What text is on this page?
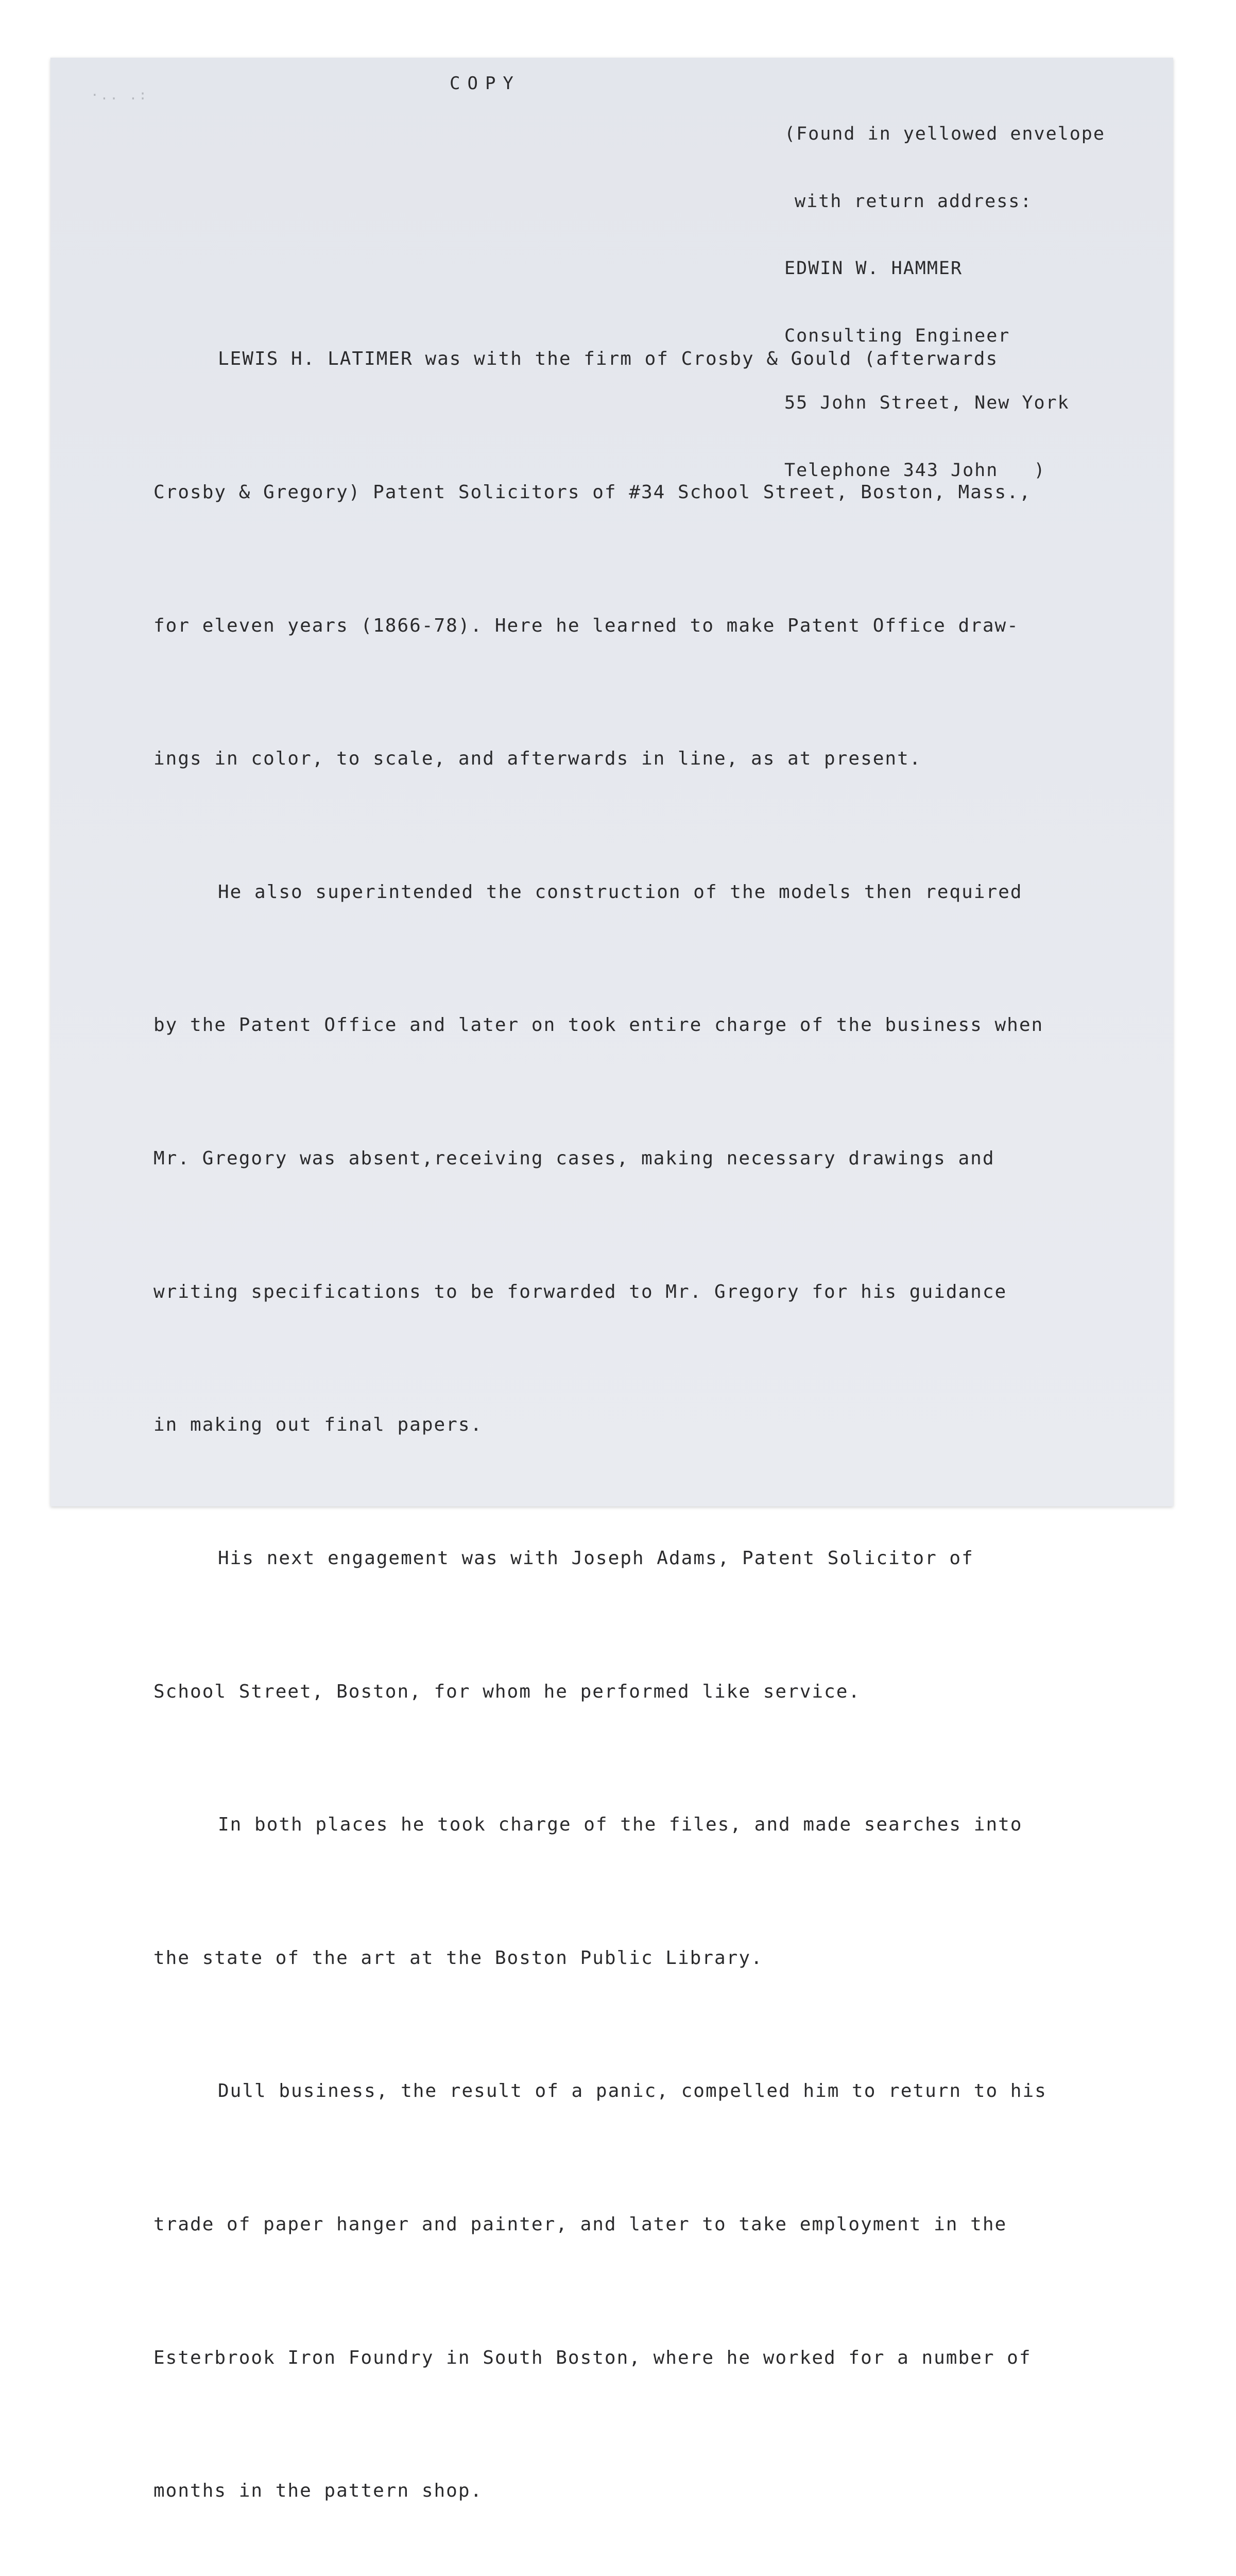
·.. .:
COPY

(Found in yellowed envelope

with return address:

EDWIN W. HAMMER

Consulting Engineer

55 John Street, New York

Telephone 343 John   )

LEWIS H. LATIMER was with the firm of Crosby & Gould (afterwards

Crosby & Gregory) Patent Solicitors of #34 School Street, Boston, Mass.,

for eleven years (1866-78). Here he learned to make Patent Office draw-

ings in color, to scale, and afterwards in line, as at present.

He also superintended the construction of the models then required

by the Patent Office and later on took entire charge of the business when

Mr. Gregory was absent,receiving cases, making necessary drawings and

writing specifications to be forwarded to Mr. Gregory for his guidance

in making out final papers.

His next engagement was with Joseph Adams, Patent Solicitor of

School Street, Boston, for whom he performed like service.

In both places he took charge of the files, and made searches into

the state of the art at the Boston Public Library.

Dull business, the result of a panic, compelled him to return to his

trade of paper hanger and painter, and later to take employment in the

Esterbrook Iron Foundry in South Boston, where he worked for a number of

months in the pattern shop.
